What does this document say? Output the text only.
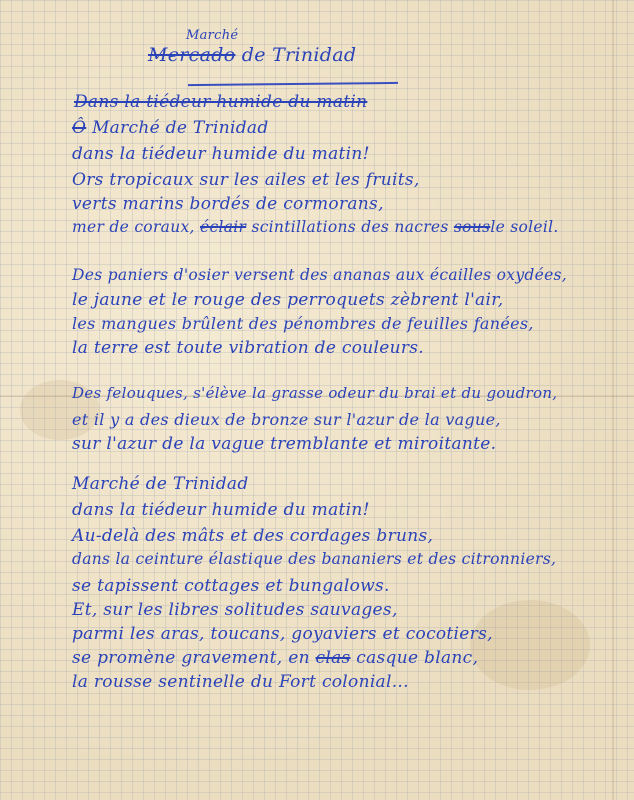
Marché
Mercado de Trinidad
Dans la tiédeur humide du matin
Ô Marché de Trinidad
dans la tiédeur humide du matin!
Ors tropicaux sur les ailes et les fruits,
verts marins bordés de cormorans,
mer de coraux, éclair scintillations des nacres sousle soleil.
Des paniers d'osier versent des ananas aux écailles oxydées,
le jaune et le rouge des perroquets zèbrent l'air,
les mangues brûlent des pénombres de feuilles fanées,
la terre est toute vibration de couleurs.
Des felouques, s'élève la grasse odeur du brai et du goudron,
et il y a des dieux de bronze sur l'azur de la vague,
sur l'azur de la vague tremblante et miroitante.
Marché de Trinidad
dans la tiédeur humide du matin!
Au-delà des mâts et des cordages bruns,
dans la ceinture élastique des bananiers et des citronniers,
se tapissent cottages et bungalows.
Et, sur les libres solitudes sauvages,
parmi les aras, toucans, goyaviers et cocotiers,
se promène gravement, en clas casque blanc,
la rousse sentinelle du Fort colonial...
